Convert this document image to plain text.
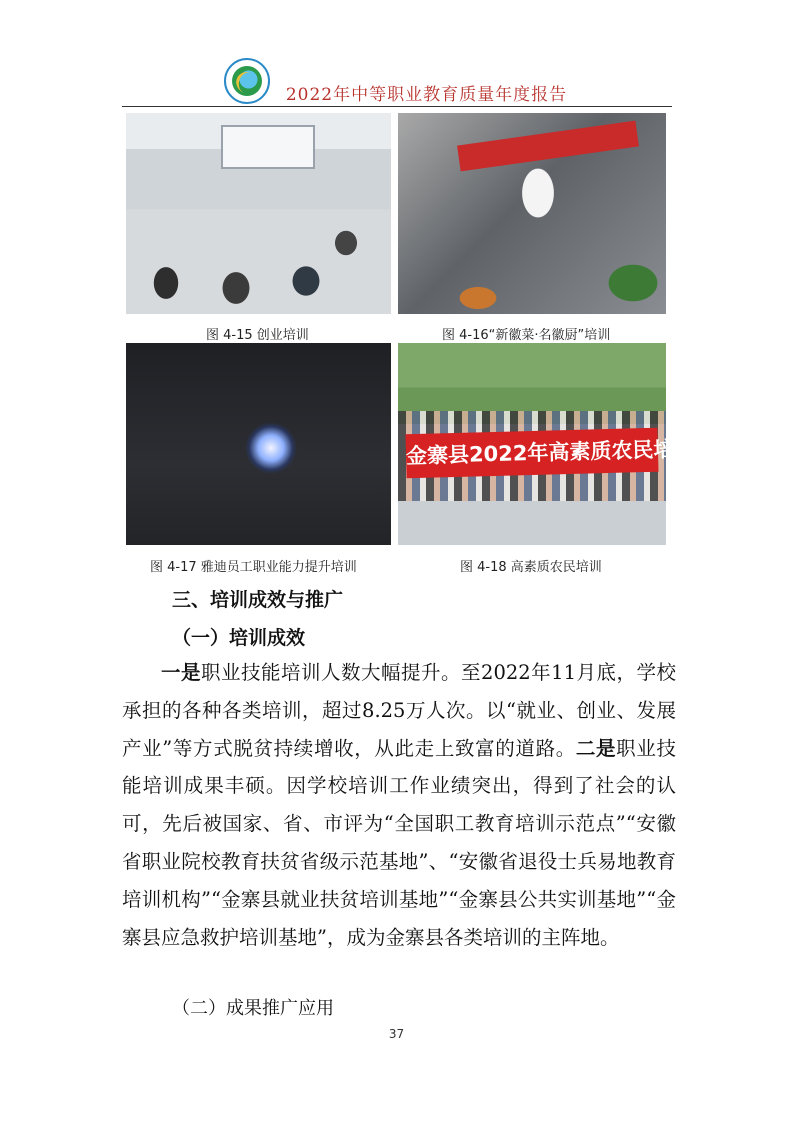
2022年中等职业教育质量年度报告
金寨县2022年高素质农民培育蚕桑班
图 4-15 创业培训	图 4-16“新徽菜·名徽厨”培训
图 4-17 雅迪员工职业能力提升培训	图 4-18 高素质农民培训
三、培训成效与推广
（一）培训成效

一是职业技能培训人数大幅提升。至2022年11月底，学校承担的各种各类培训，超过8.25万人次。以“就业、创业、发展产业”等方式脱贫持续增收，从此走上致富的道路。二是职业技能培训成果丰硕。因学校培训工作业绩突出，得到了社会的认可，先后被国家、省、市评为“全国职工教育培训示范点”“安徽省职业院校教育扶贫省级示范基地”、“安徽省退役士兵易地教育培训机构”“金寨县就业扶贫培训基地”“金寨县公共实训基地”“金寨县应急救护培训基地”，成为金寨县各类培训的主阵地。

（二）成果推广应用
37
